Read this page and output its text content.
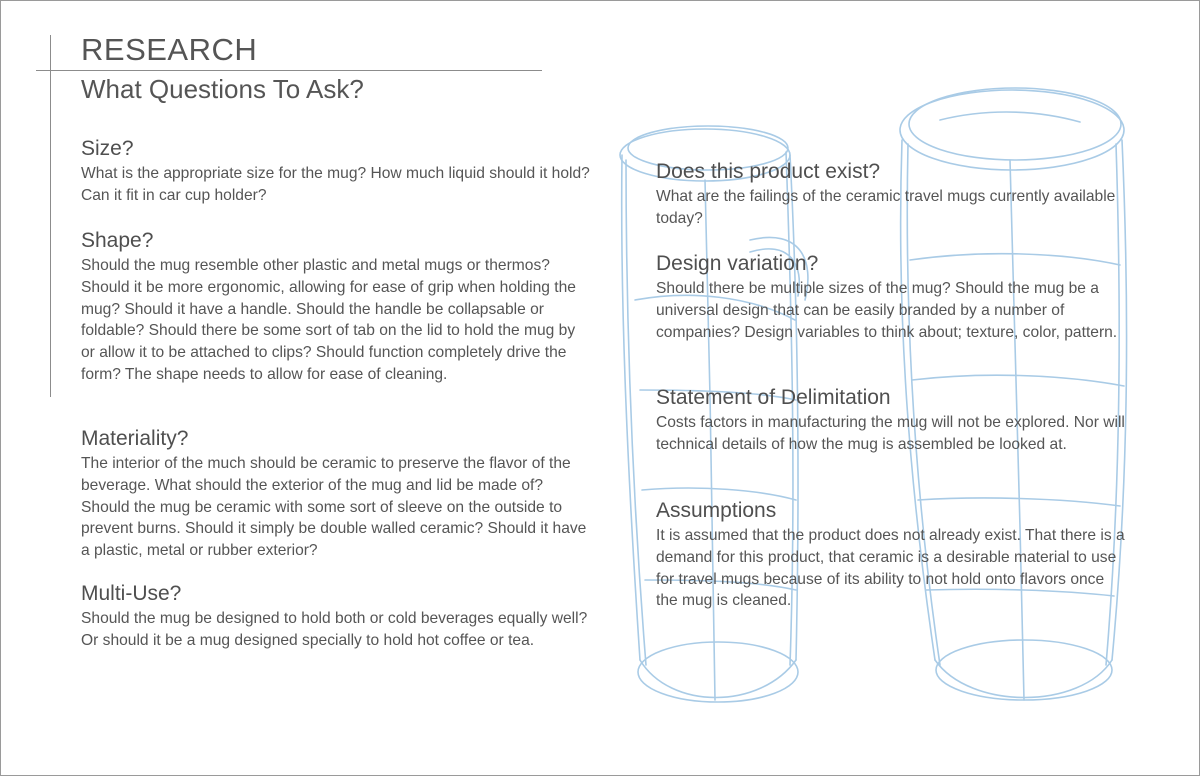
RESEARCH
What Questions To Ask?
Size?

What is the appropriate size for the mug? How much liquid should it hold? Can it fit in car cup holder?

Shape?

Should the mug resemble other plastic and metal mugs or thermos? Should it be more ergonomic, allowing for ease of grip when holding the mug? Should it have a handle. Should the handle be collapsable or foldable? Should there be some sort of tab on the lid to hold the mug by or allow it to be attached to clips? Should function completely drive the form? The shape needs to allow for ease of cleaning.

Materiality?

The interior of the much should be ceramic to preserve the flavor of the beverage. What should the exterior of the mug and lid be made of? Should the mug be ceramic with some sort of sleeve on the outside to prevent burns. Should it simply be double walled ceramic? Should it have a plastic, metal or rubber exterior?

Multi-Use?

Should the mug be designed to hold both or cold beverages equally well? Or should it be a mug designed specially to hold hot coffee or tea.

Does this product exist?

What are the failings of the ceramic travel mugs currently available today?

Design variation?

Should there be multiple sizes of the mug? Should the mug be a universal design that can be easily branded by a number of companies? Design variables to think about; texture, color, pattern.

Statement of Delimitation

Costs factors in manufacturing the mug will not be explored. Nor will technical details of how the mug is assembled be looked at.

Assumptions

It is assumed that the product does not already exist. That there is a demand for this product, that ceramic is a desirable material to use for travel mugs because of its ability to not hold onto flavors once the mug is cleaned.
